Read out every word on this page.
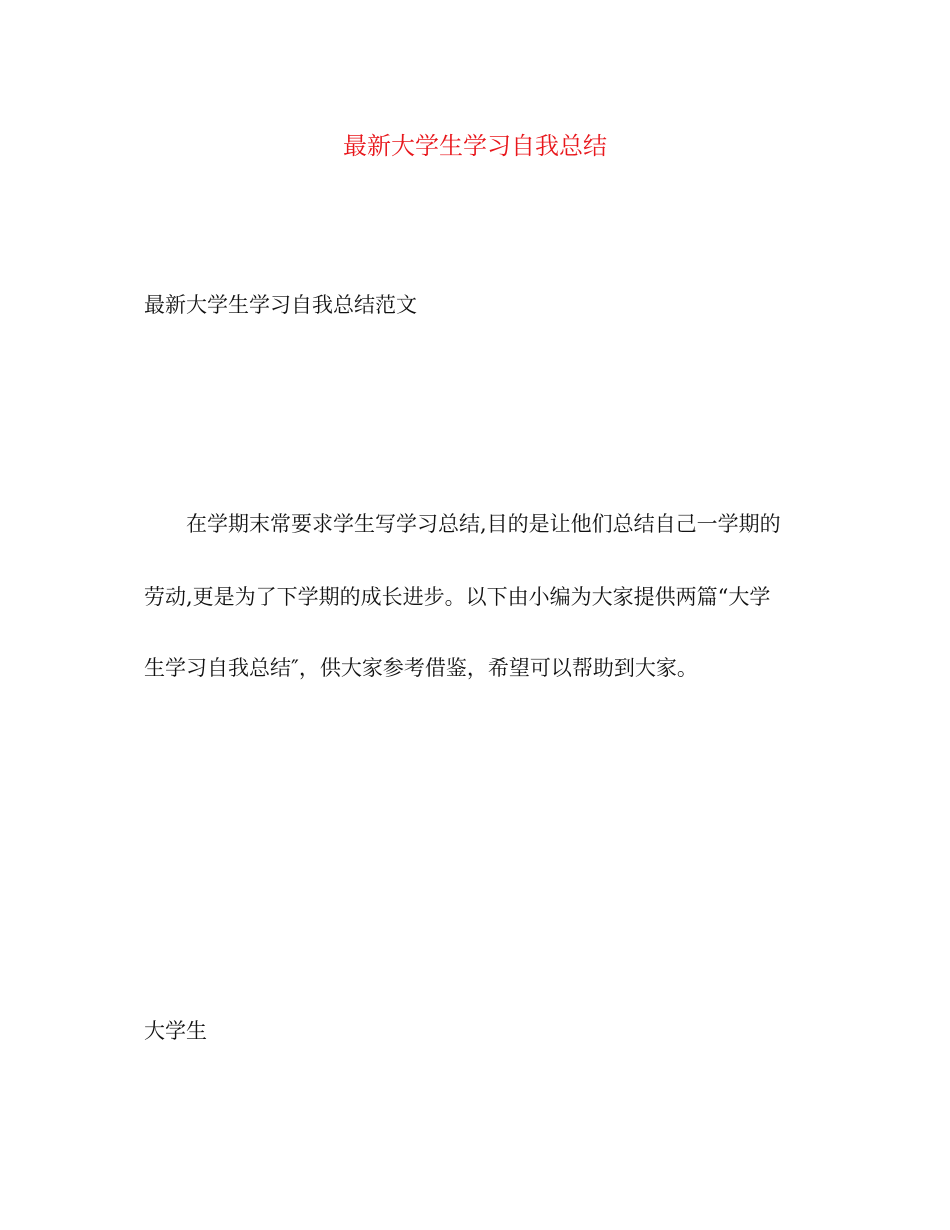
最新大学生学习自我总结
最新大学生学习自我总结范文
在学期末常要求学生写学习总结,目的是让他们总结自己一学期的
劳动,更是为了下学期的成长进步。以下由小编为大家提供两篇“大学
生学习自我总结″，供大家参考借鉴，希望可以帮助到大家。
大学生
